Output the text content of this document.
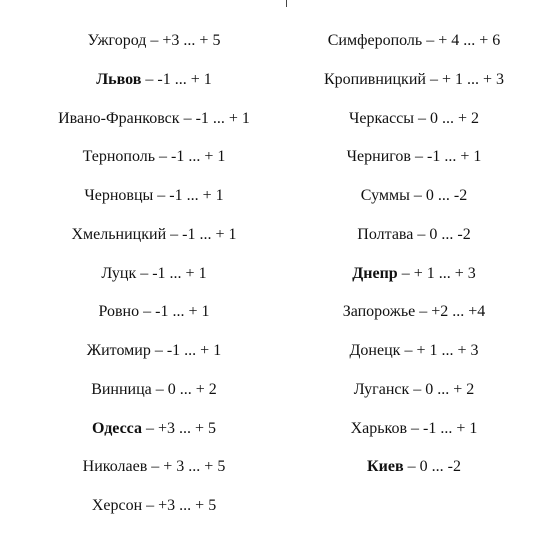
Ужгород – +3 ... + 5
Львов – -1 ... + 1
Ивано-Франковск – -1 ... + 1
Тернополь – -1 ... + 1
Черновцы – -1 ... + 1
Хмельницкий – -1 ... + 1
Луцк – -1 ... + 1
Ровно – -1 ... + 1
Житомир – -1 ... + 1
Винница – 0 ... + 2
Одесса – +3 ... + 5
Николаев – + 3 ... + 5
Херсон – +3 ... + 5
Симферополь – + 4 ... + 6
Кропивницкий – + 1 ... + 3
Черкассы – 0 ... + 2
Чернигов – -1 ... + 1
Суммы – 0 ... -2
Полтава – 0 ... -2
Днепр – + 1 ... + 3
Запорожье – +2 ... +4
Донецк – + 1 ... + 3
Луганск – 0 ... + 2
Харьков – -1 ... + 1
Киев – 0 ... -2
